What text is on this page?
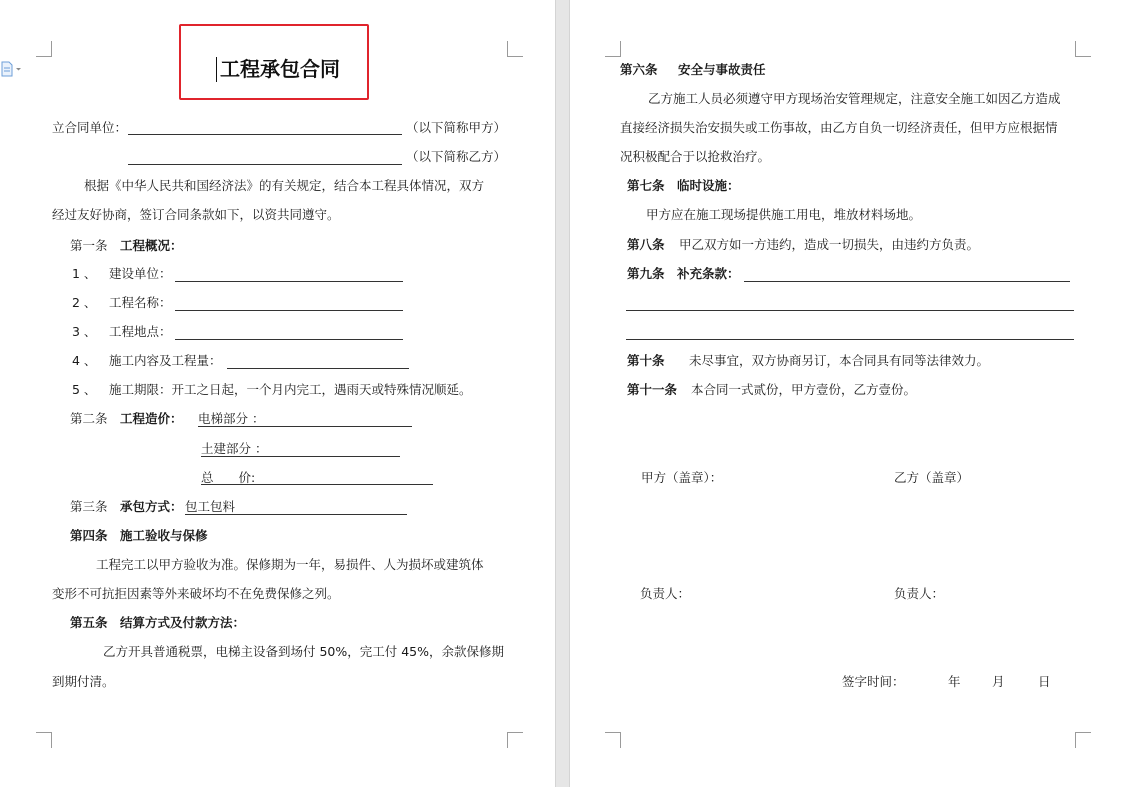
工程承包合同
立合同单位：	（以下简称甲方）
（以下简称乙方）
根据《中华人民共和国经济法》的有关规定，结合本工程具体情况，双方
经过友好协商，签订合同条款如下，以资共同遵守。
第一条 工程概况：
1 、 建设单位：
2 、 工程名称：
3 、 工程地点：
4 、 施工内容及工程量：
5 、 施工期限：开工之日起，一个月内完工，遇雨天或特殊情况顺延。
第二条 工程造价： 电梯部分 ：
土建部分 ：
总　　价:
第三条 承包方式： 包工包料
第四条　施工验收与保修
工程完工以甲方验收为准。保修期为一年，易损件、人为损坏或建筑体
变形不可抗拒因素等外来破坏均不在免费保修之列。
第五条　结算方式及付款方法：
乙方开具普通税票，电梯主设备到场付 50%，完工付 45%，余款保修期
到期付清。
第六条 安全与事故责任
乙方施工人员必须遵守甲方现场治安管理规定，注意安全施工如因乙方造成
直接经济损失治安损失或工伤事故，由乙方自负一切经济责任，但甲方应根据情
况积极配合于以抢救治疗。
第七条　临时设施：
甲方应在施工现场提供施工用电，堆放材料场地。
第八条 甲乙双方如一方违约，造成一切损失，由违约方负责。
第九条　补充条款：
第十条 未尽事宜，双方协商另订，本合同具有同等法律效力。
第十一条 本合同一式贰份，甲方壹份，乙方壹份。
甲方（盖章）：	乙方（盖章）
负责人：	负责人：
签字时间：	年	月	日
